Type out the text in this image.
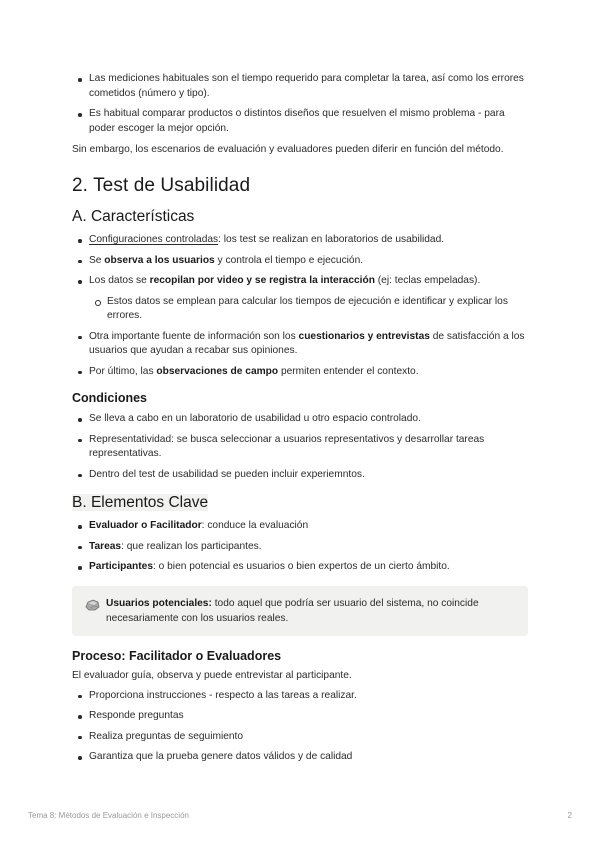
Las mediciones habituales son el tiempo requerido para completar la tarea, así como los errores cometidos (número y tipo).
Es habitual comparar productos o distintos diseños que resuelven el mismo problema - para poder escoger la mejor opción.

Sin embargo, los escenarios de evaluación y evaluadores pueden diferir en función del método.

2. Test de Usabilidad
A. Características
Configuraciones controladas: los test se realizan en laboratorios de usabilidad.
Se observa a los usuarios y controla el tiempo e ejecución.
Los datos se recopilan por video y se registra la interacción (ej: teclas empeladas).
Estos datos se emplean para calcular los tiempos de ejecución e identificar y explicar los errores.
Otra importante fuente de información son los cuestionarios y entrevistas de satisfacción a los usuarios que ayudan a recabar sus opiniones.
Por último, las observaciones de campo permiten entender el contexto.
Condiciones
Se lleva a cabo en un laboratorio de usabilidad u otro espacio controlado.
Representatividad: se busca seleccionar a usuarios representativos y desarrollar tareas representativas.
Dentro del test de usabilidad se pueden incluir experiemntos.
B. Elementos Clave
Evaluador o Facilitador: conduce la evaluación
Tareas: que realizan los participantes.
Participantes: o bien potencial es usuarios o bien expertos de un cierto ámbito.

Usuarios potenciales: todo aquel que podría ser usuario del sistema, no coincide necesariamente con los usuarios reales.

Proceso: Facilitador o Evaluadores

El evaluador guía, observa y puede entrevistar al participante.

Proporciona instrucciones - respecto a las tareas a realizar.
Responde preguntas
Realiza preguntas de seguimiento
Garantiza que la prueba genere datos válidos y de calidad
Tema 8: Métodos de Evaluación e Inspección	2
